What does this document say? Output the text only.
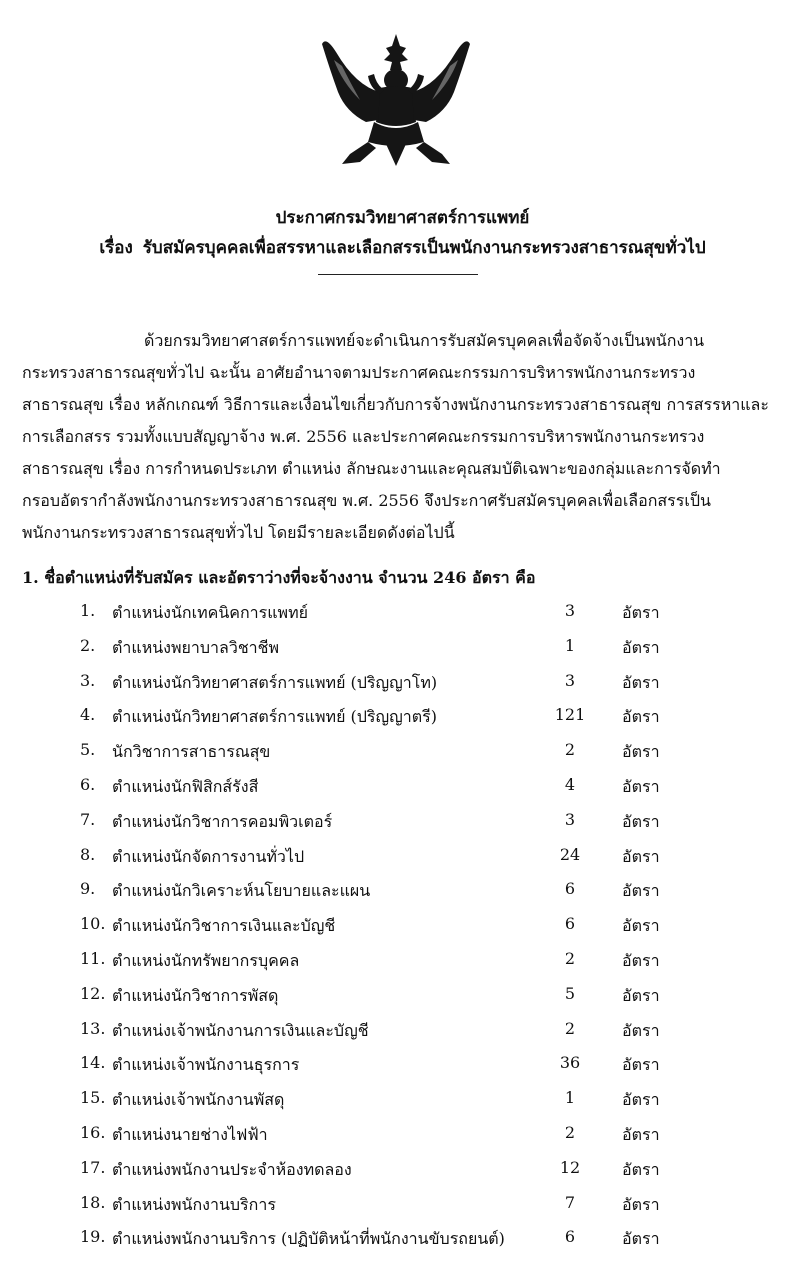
ประกาศกรมวิทยาศาสตร์การแพทย์
เรื่อง รับสมัครบุคคลเพื่อสรรหาและเลือกสรรเป็นพนักงานกระทรวงสาธารณสุขทั่วไป
ด้วยกรมวิทยาศาสตร์การแพทย์จะดำเนินการรับสมัครบุคคลเพื่อจัดจ้างเป็นพนักงาน
กระทรวงสาธารณสุขทั่วไป ฉะนั้น อาศัยอำนาจตามประกาศคณะกรรมการบริหารพนักงานกระทรวง
สาธารณสุข เรื่อง หลักเกณฑ์ วิธีการและเงื่อนไขเกี่ยวกับการจ้างพนักงานกระทรวงสาธารณสุข การสรรหาและ
การเลือกสรร รวมทั้งแบบสัญญาจ้าง พ.ศ. 2556 และประกาศคณะกรรมการบริหารพนักงานกระทรวง
สาธารณสุข เรื่อง การกำหนดประเภท ตำแหน่ง ลักษณะงานและคุณสมบัติเฉพาะของกลุ่มและการจัดทำ
กรอบอัตรากำลังพนักงานกระทรวงสาธารณสุข พ.ศ. 2556 จึงประกาศรับสมัครบุคคลเพื่อเลือกสรรเป็น
พนักงานกระทรวงสาธารณสุขทั่วไป โดยมีรายละเอียดดังต่อไปนี้
1. ชื่อตำแหน่งที่รับสมัคร และอัตราว่างที่จะจ้างงาน จำนวน 246 อัตรา คือ
1.	ตำแหน่งนักเทคนิคการแพทย์	3	อัตรา
2.	ตำแหน่งพยาบาลวิชาชีพ	1	อัตรา
3.	ตำแหน่งนักวิทยาศาสตร์การแพทย์ (ปริญญาโท)	3	อัตรา
4.	ตำแหน่งนักวิทยาศาสตร์การแพทย์ (ปริญญาตรี)	121	อัตรา
5.	นักวิชาการสาธารณสุข	2	อัตรา
6.	ตำแหน่งนักฟิสิกส์รังสี	4	อัตรา
7.	ตำแหน่งนักวิชาการคอมพิวเตอร์	3	อัตรา
8.	ตำแหน่งนักจัดการงานทั่วไป	24	อัตรา
9.	ตำแหน่งนักวิเคราะห์นโยบายและแผน	6	อัตรา
10. ตำแหน่งนักวิชาการเงินและบัญชี	6	อัตรา
11. ตำแหน่งนักทรัพยากรบุคคล	2	อัตรา
12. ตำแหน่งนักวิชาการพัสดุ	5	อัตรา
13. ตำแหน่งเจ้าพนักงานการเงินและบัญชี	2	อัตรา
14. ตำแหน่งเจ้าพนักงานธุรการ	36	อัตรา
15. ตำแหน่งเจ้าพนักงานพัสดุ	1	อัตรา
16. ตำแหน่งนายช่างไฟฟ้า	2	อัตรา
17. ตำแหน่งพนักงานประจำห้องทดลอง	12	อัตรา
18. ตำแหน่งพนักงานบริการ	7	อัตรา
19. ตำแหน่งพนักงานบริการ (ปฏิบัติหน้าที่พนักงานขับรถยนต์)	6	อัตรา
